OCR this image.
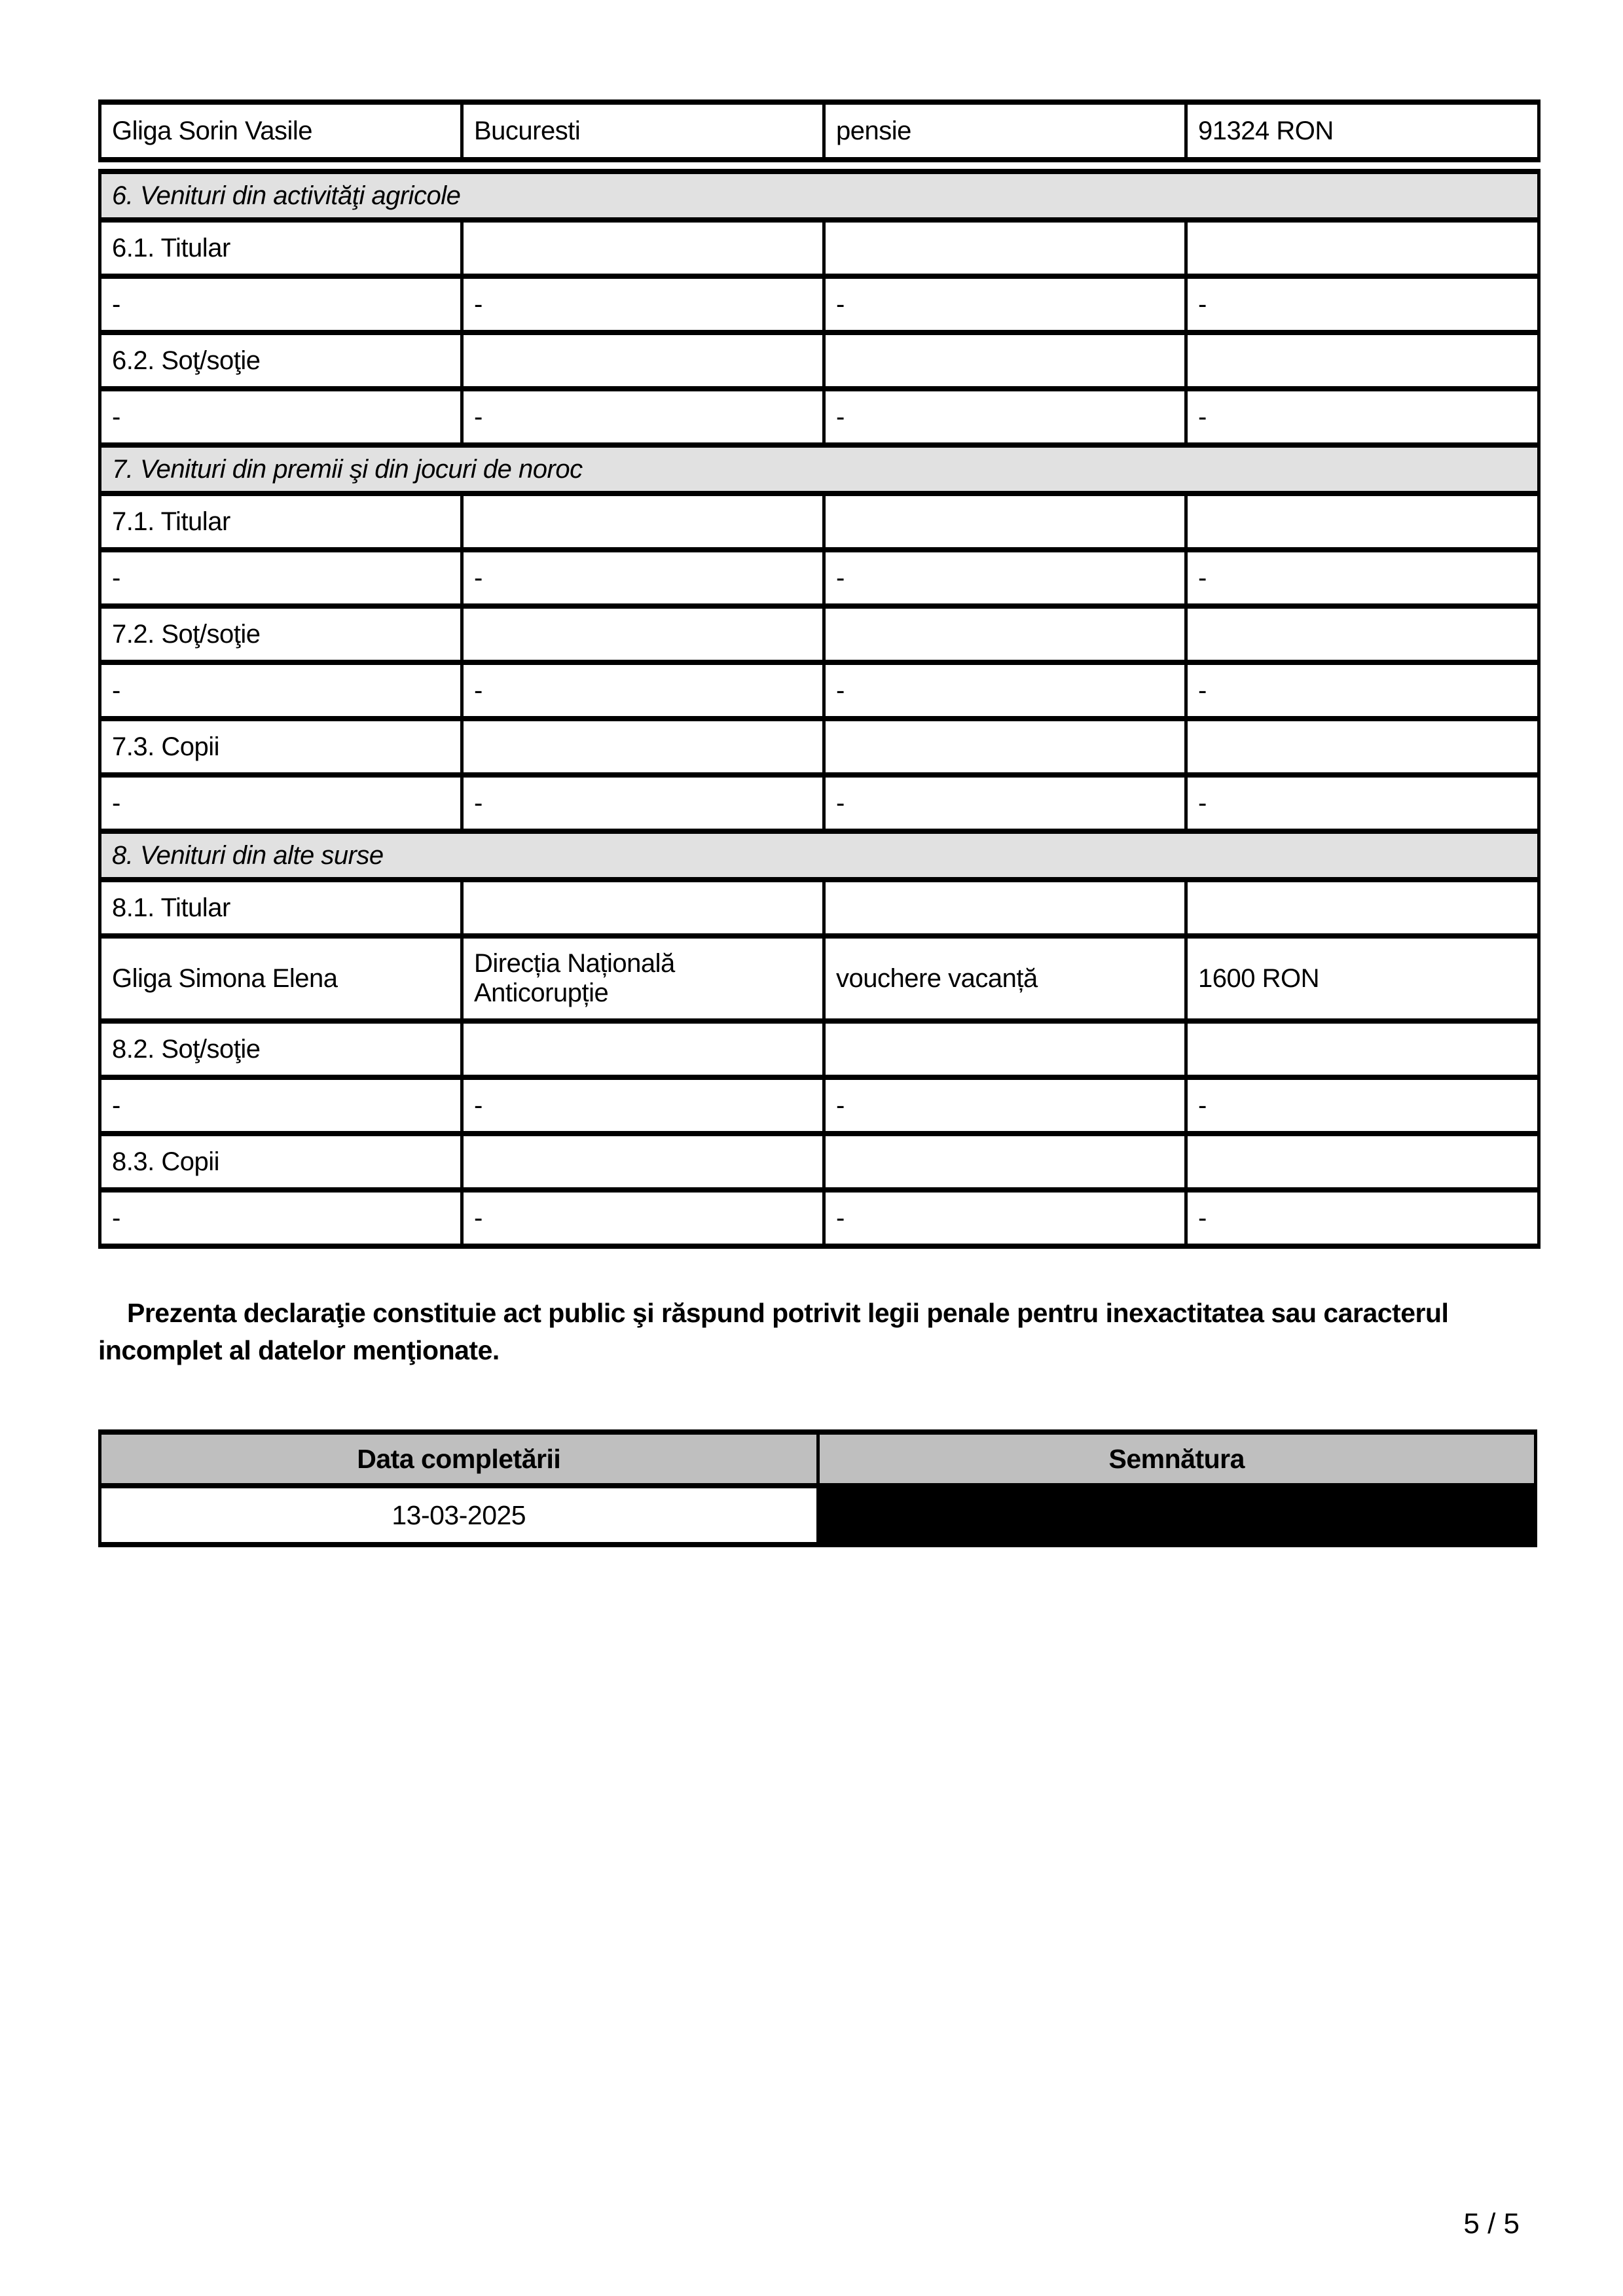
Gliga Sorin Vasile	Bucuresti	pensie	91324 RON
6. Venituri din activităţi agricole			
6.1. Titular			
-	-	-	-
6.2. Soţ/soţie			
-	-	-	-
7. Venituri din premii şi din jocuri de noroc			
7.1. Titular			
-	-	-	-
7.2. Soţ/soţie			
-	-	-	-
7.3. Copii			
-	-	-	-
8. Venituri din alte surse			
8.1. Titular			
Gliga Simona Elena	Direcția Națională Anticorupție	vouchere vacanță	1600 RON
8.2. Soţ/soţie			
-	-	-	-
8.3. Copii			
-	-	-	-

Prezenta declaraţie constituie act public şi răspund potrivit legii penale pentru inexactitatea sau caracterul incomplet al datelor menţionate.

Data completării	Semnătura
13-03-2025	
5 / 5
